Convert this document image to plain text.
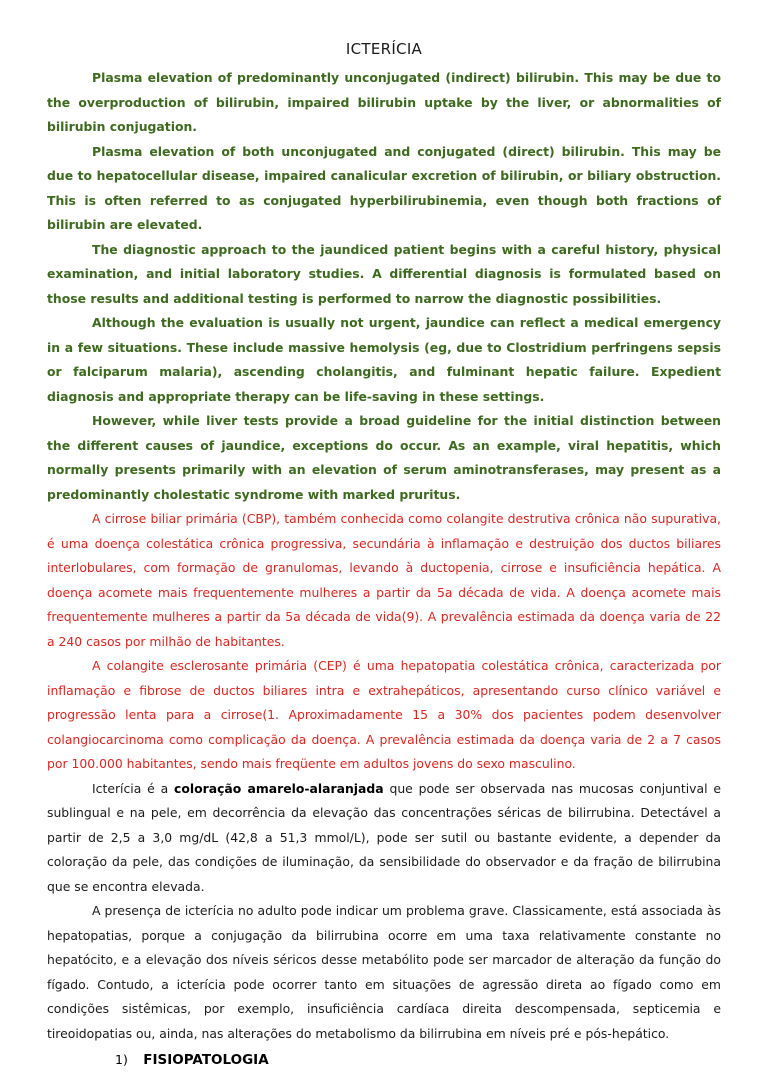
ICTERÍCIA

Plasma elevation of predominantly unconjugated (indirect) bilirubin. This may be due to the overproduction of bilirubin, impaired bilirubin uptake by the liver, or abnormalities of bilirubin conjugation.

Plasma elevation of both unconjugated and conjugated (direct) bilirubin. This may be due to hepatocellular disease, impaired canalicular excretion of bilirubin, or biliary obstruction. This is often referred to as conjugated hyperbilirubinemia, even though both fractions of bilirubin are elevated.

The diagnostic approach to the jaundiced patient begins with a careful history, physical examination, and initial laboratory studies. A differential diagnosis is formulated based on those results and additional testing is performed to narrow the diagnostic possibilities.

Although the evaluation is usually not urgent, jaundice can reflect a medical emergency in a few situations. These include massive hemolysis (eg, due to Clostridium perfringens sepsis or falciparum malaria), ascending cholangitis, and fulminant hepatic failure. Expedient diagnosis and appropriate therapy can be life-saving in these settings.

However, while liver tests provide a broad guideline for the initial distinction between the different causes of jaundice, exceptions do occur. As an example, viral hepatitis, which normally presents primarily with an elevation of serum aminotransferases, may present as a predominantly cholestatic syndrome with marked pruritus.

A cirrose biliar primária (CBP), também conhecida como colangite destrutiva crônica não supurativa, é uma doença colestática crônica progressiva, secundária à inflamação e destruição dos ductos biliares interlobulares, com formação de granulomas, levando à ductopenia, cirrose e insuficiência hepática. A doença acomete mais frequentemente mulheres a partir da 5a década de vida. A doença acomete mais frequentemente mulheres a partir da 5a década de vida(9). A prevalência estimada da doença varia de 22 a 240 casos por milhão de habitantes.

A colangite esclerosante primária (CEP) é uma hepatopatia colestática crônica, caracterizada por inflamação e fibrose de ductos biliares intra e extrahepáticos, apresentando curso clínico variável e progressão lenta para a cirrose(1. Aproximadamente 15 a 30% dos pacientes podem desenvolver colangiocarcinoma como complicação da doença. A prevalência estimada da doença varia de 2 a 7 casos por 100.000 habitantes, sendo mais freqüente em adultos jovens do sexo masculino.

Icterícia é a coloração amarelo-alaranjada que pode ser observada nas mucosas conjuntival e sublingual e na pele, em decorrência da elevação das concentrações séricas de bilirrubina. Detectável a partir de 2,5 a 3,0 mg/dL (42,8 a 51,3 mmol/L), pode ser sutil ou bastante evidente, a depender da coloração da pele, das condições de iluminação, da sensibilidade do observador e da fração de bilirrubina que se encontra elevada.

A presença de icterícia no adulto pode indicar um problema grave. Classicamente, está associada às hepatopatias, porque a conjugação da bilirrubina ocorre em uma taxa relativamente constante no hepatócito, e a elevação dos níveis séricos desse metabólito pode ser marcador de alteração da função do fígado. Contudo, a icterícia pode ocorrer tanto em situações de agressão direta ao fígado como em condições sistêmicas, por exemplo, insuficiência cardíaca direita descompensada, septicemia e tireoidopatias ou, ainda, nas alterações do metabolismo da bilirrubina em níveis pré e pós-hepático.

1) FISIOPATOLOGIA
